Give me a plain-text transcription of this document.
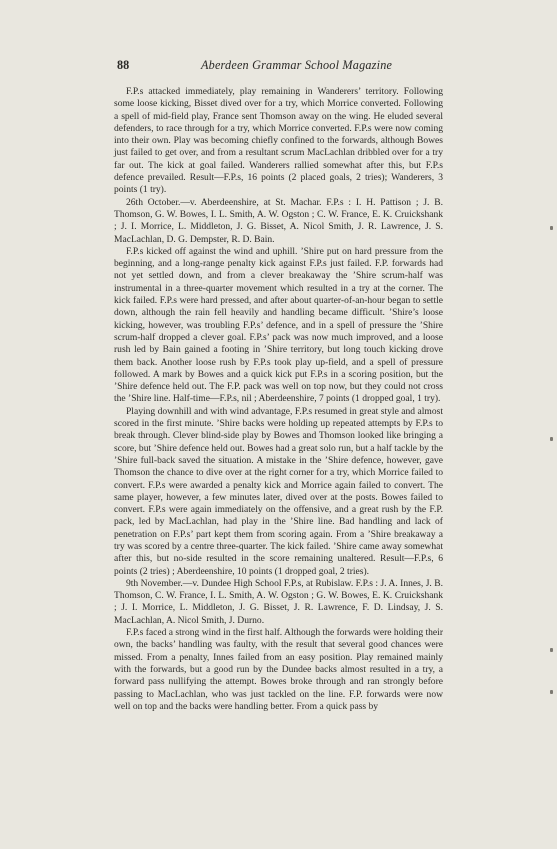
88	Aberdeen Grammar School Magazine

F.P.s attacked immediately, play remaining in Wanderers’ territory. Following some loose kicking, Bisset dived over for a try, which Morrice converted. Following a spell of mid-field play, France sent Thomson away on the wing. He eluded several defenders, to race through for a try, which Morrice converted. F.P.s were now coming into their own. Play was becoming chiefly confined to the forwards, although Bowes just failed to get over, and from a resultant scrum MacLachlan dribbled over for a try far out. The kick at goal failed. Wanderers rallied somewhat after this, but F.P.s defence prevailed. Result—F.P.s, 16 points (2 placed goals, 2 tries); Wanderers, 3 points (1 try).

26th October.—v. Aberdeenshire, at St. Machar. F.P.s : I. H. Pattison ; J. B. Thomson, G. W. Bowes, I. L. Smith, A. W. Ogston ; C. W. France, E. K. Cruickshank ; J. I. Morrice, L. Middleton, J. G. Bisset, A. Nicol Smith, J. R. Lawrence, J. S. MacLachlan, D. G. Dempster, R. D. Bain.

F.P.s kicked off against the wind and uphill. ’Shire put on hard pressure from the beginning, and a long-range penalty kick against F.P.s just failed. F.P. forwards had not yet settled down, and from a clever breakaway the ’Shire scrum-half was instrumental in a three-quarter movement which resulted in a try at the corner. The kick failed. F.P.s were hard pressed, and after about quarter-of-an-hour began to settle down, although the rain fell heavily and handling became difficult. ’Shire’s loose kicking, however, was troubling F.P.s’ defence, and in a spell of pressure the ’Shire scrum-half dropped a clever goal. F.P.s’ pack was now much improved, and a loose rush led by Bain gained a footing in ’Shire territory, but long touch kicking drove them back. Another loose rush by F.P.s took play up-field, and a spell of pressure followed. A mark by Bowes and a quick kick put F.P.s in a scoring position, but the ’Shire defence held out. The F.P. pack was well on top now, but they could not cross the ’Shire line. Half-time—F.P.s, nil ; Aberdeenshire, 7 points (1 dropped goal, 1 try).

Playing downhill and with wind advantage, F.P.s resumed in great style and almost scored in the first minute. ’Shire backs were holding up repeated attempts by F.P.s to break through. Clever blind-side play by Bowes and Thomson looked like bringing a score, but ’Shire defence held out. Bowes had a great solo run, but a half tackle by the ’Shire full-back saved the situation. A mistake in the ’Shire defence, however, gave Thomson the chance to dive over at the right corner for a try, which Morrice failed to convert. F.P.s were awarded a penalty kick and Morrice again failed to convert. The same player, however, a few minutes later, dived over at the posts. Bowes failed to convert. F.P.s were again immediately on the offensive, and a great rush by the F.P. pack, led by MacLachlan, had play in the ’Shire line. Bad handling and lack of penetration on F.P.s’ part kept them from scoring again. From a ’Shire breakaway a try was scored by a centre three-quarter. The kick failed. ’Shire came away somewhat after this, but no-side resulted in the score remaining unaltered. Result—F.P.s, 6 points (2 tries) ; Aberdeenshire, 10 points (1 dropped goal, 2 tries).

9th November.—v. Dundee High School F.P.s, at Rubislaw. F.P.s : J. A. Innes, J. B. Thomson, C. W. France, I. L. Smith, A. W. Ogston ; G. W. Bowes, E. K. Cruickshank ; J. I. Morrice, L. Middleton, J. G. Bisset, J. R. Lawrence, F. D. Lindsay, J. S. MacLachlan, A. Nicol Smith, J. Durno.

F.P.s faced a strong wind in the first half. Although the forwards were holding their own, the backs’ handling was faulty, with the result that several good chances were missed. From a penalty, Innes failed from an easy position. Play remained mainly with the forwards, but a good run by the Dundee backs almost resulted in a try, a forward pass nullifying the attempt. Bowes broke through and ran strongly before passing to MacLachlan, who was just tackled on the line. F.P. forwards were now well on top and the backs were handling better. From a quick pass by
